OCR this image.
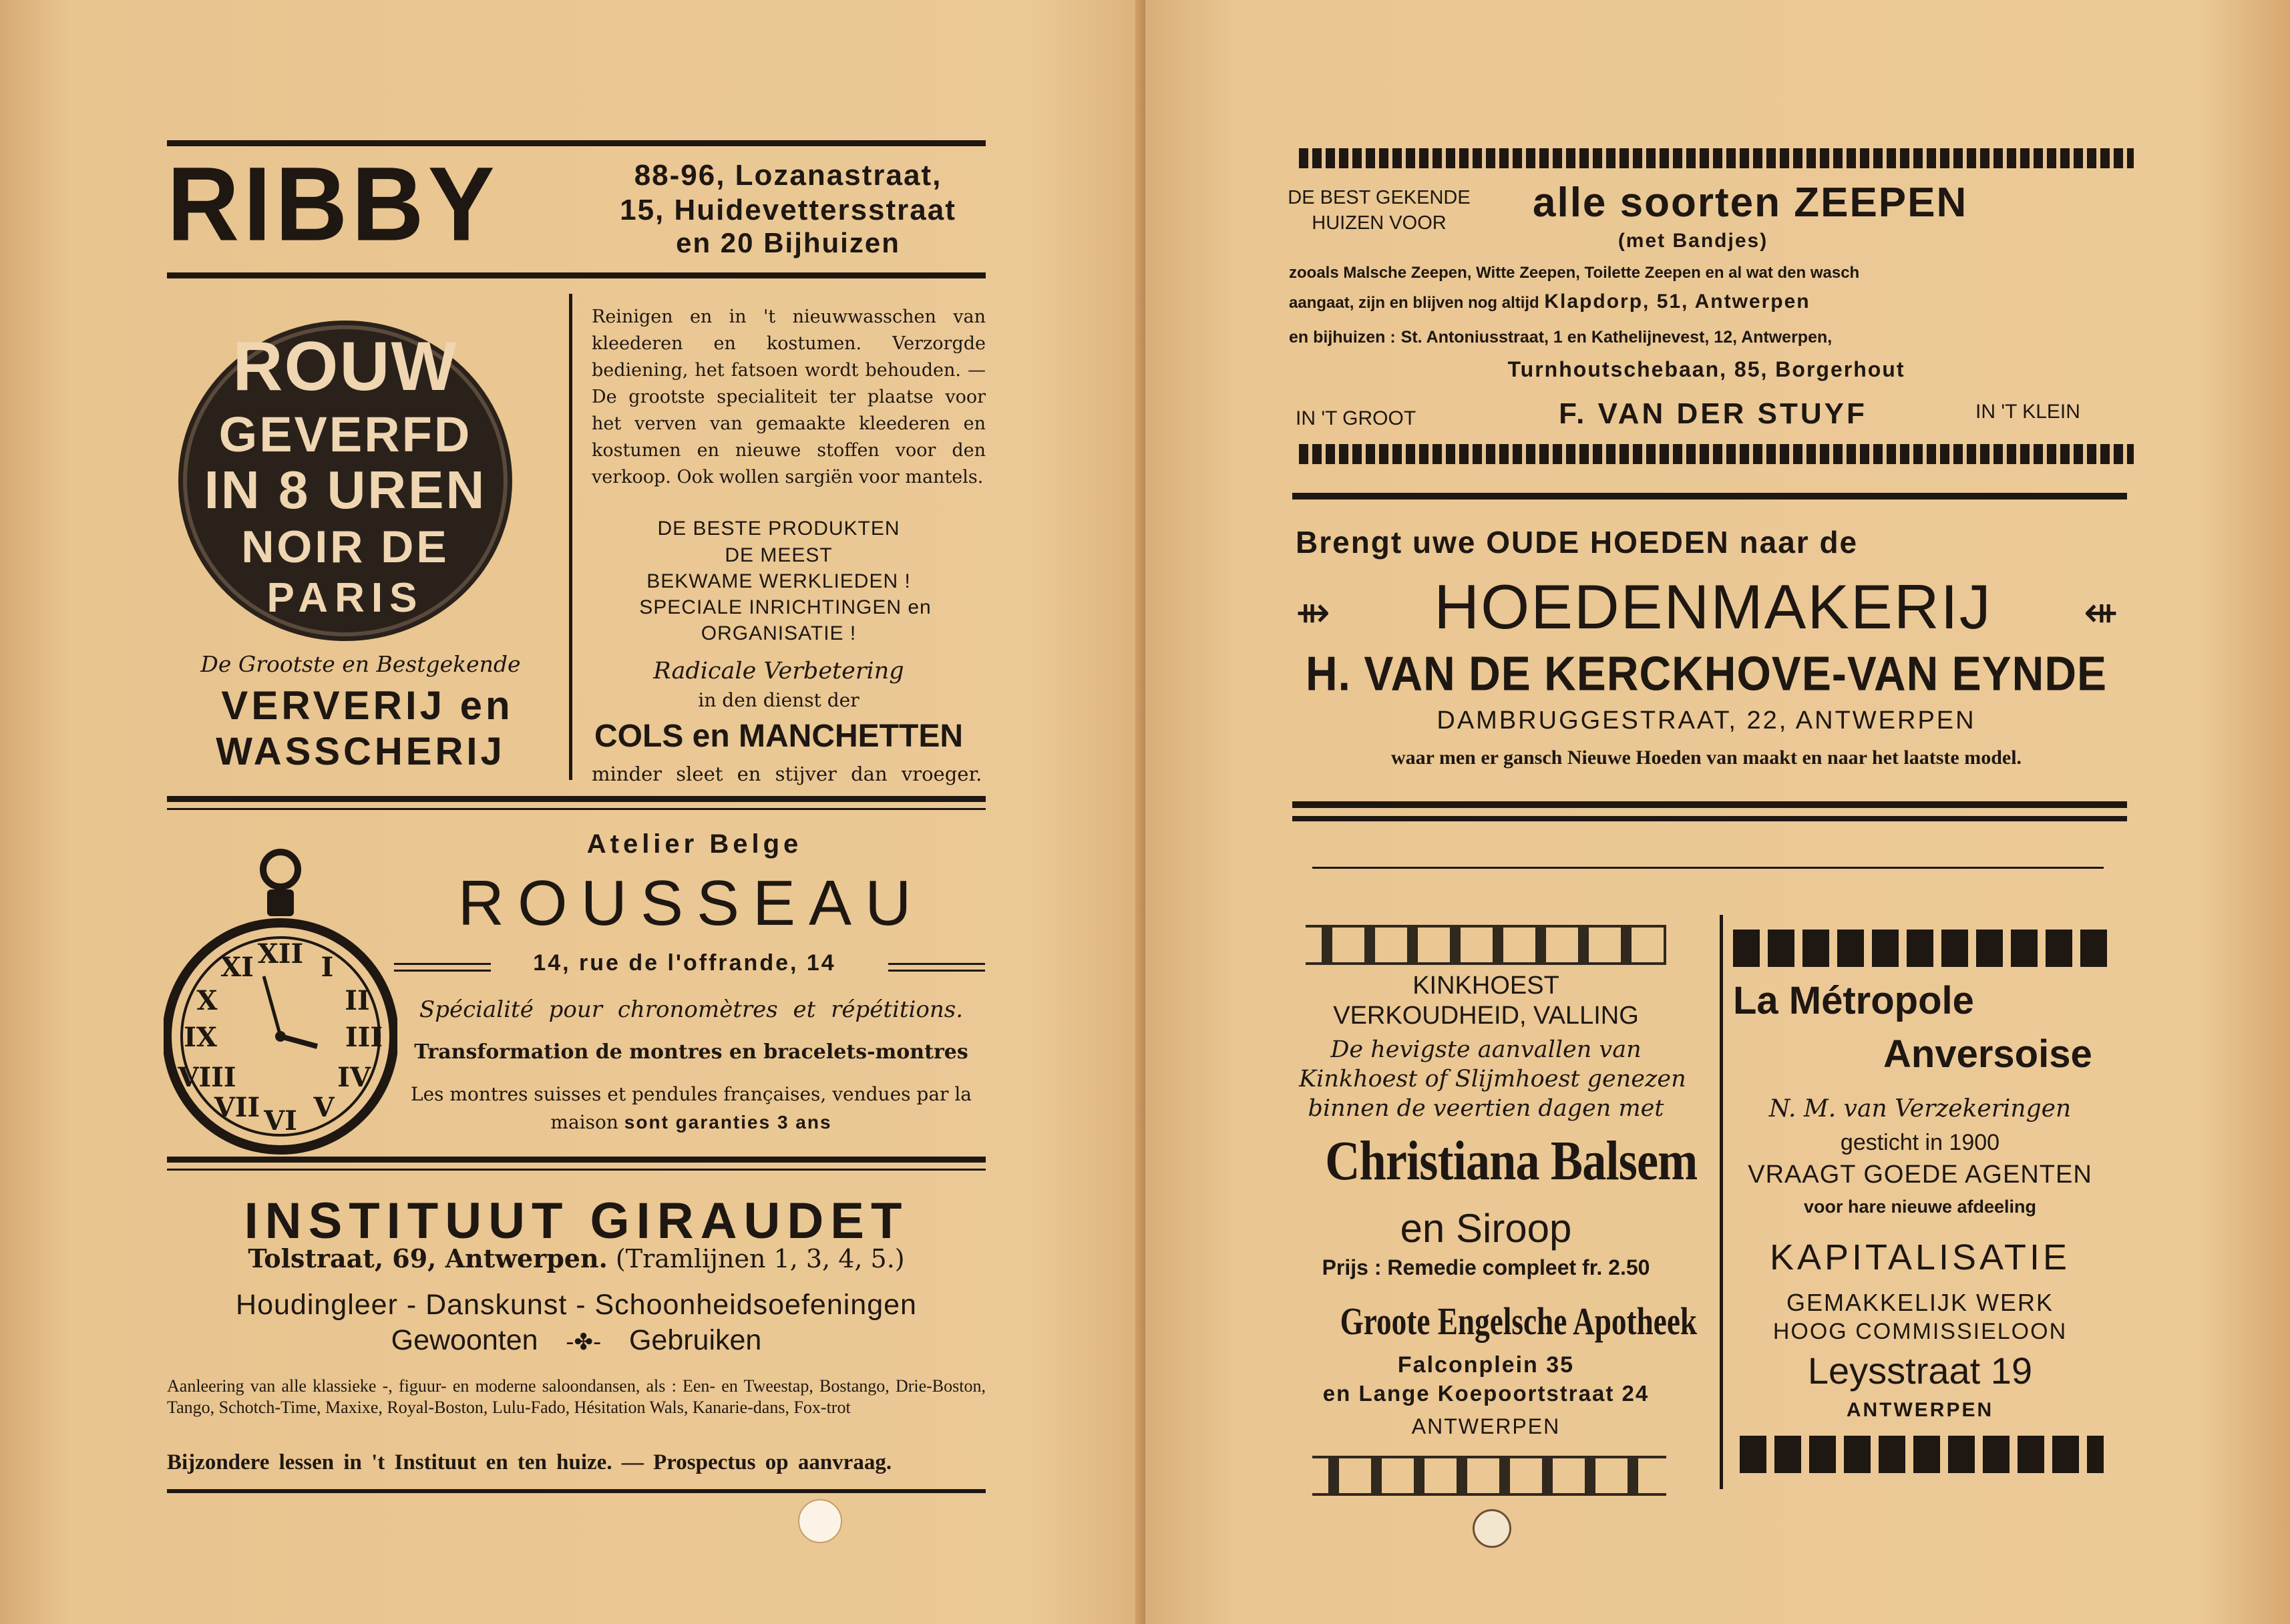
RIBBY	88-96, Lozanastraat,
15, Huidevettersstraat
en 20 Bijhuizen
ROUW
GEVERFD
IN 8 UREN
NOIR DE
PARIS
De Grootste en Bestgekende
VERVERIJ en
WASSCHERIJ
Reinigen en in 't nieuwwasschen van kleederen en kostumen. Verzorgde bediening, het fatsoen wordt behouden. — De grootste specialiteit ter plaatse voor het verven van gemaakte kleederen en kostumen en nieuwe stoffen voor den verkoop. Ook wollen sargiën voor mantels.
DE BESTE PRODUKTEN
DE MEEST
BEKWAME WERKLIEDEN !
SPECIALE INRICHTINGEN en
ORGANISATIE !
Radicale Verbetering
in den dienst der
COLS en MANCHETTEN
minder sleet en stijver dan vroeger.
XII I
II
III
IV
V
VI
VII
VIII
IX
X
XI
Atelier Belge
ROUSSEAU
14, rue de l'offrande, 14
Spécialité pour chronomètres et répétitions.
Transformation de montres en bracelets-montres
Les montres suisses et pendules françaises, vendues par la
maison sont garanties 3 ans
INSTITUUT GIRAUDET
Tolstraat, 69, Antwerpen. (Tramlijnen 1, 3, 4, 5.)
Houdingleer - Danskunst - Schoonheidsoefeningen
Gewoonten -✤- Gebruiken
Aanleering van alle klassieke -, figuur- en moderne saloondansen, als : Een- en Tweestap, Bostango, Drie-Boston, Tango, Schotch-Time, Maxixe, Royal-Boston, Lulu-Fado, Hésitation Wals, Kanarie-dans, Fox-trot
Bijzondere lessen in 't Instituut en ten huize. — Prospectus op aanvraag.
DE BEST GEKENDE
HUIZEN VOOR	alle soorten ZEEPEN
(met Bandjes)
zooals Malsche Zeepen, Witte Zeepen, Toilette Zeepen en al wat den wasch
aangaat, zijn en blijven nog altijd Klapdorp, 51, Antwerpen
en bijhuizen : St. Antoniusstraat, 1 en Kathelijnevest, 12, Antwerpen,
Turnhoutschebaan, 85, Borgerhout
IN 'T GROOT	F. VAN DER STUYF	IN 'T KLEIN
Brengt uwe OUDE HOEDEN naar de
⇻	HOEDENMAKERIJ	⇺
H. VAN DE KERCKHOVE-VAN EYNDE
DAMBRUGGESTRAAT, 22, ANTWERPEN
waar men er gansch Nieuwe Hoeden van maakt en naar het laatste model.
KINKHOEST
VERKOUDHEID, VALLING
De hevigste aanvallen van
Kinkhoest of Slijmhoest genezen
binnen de veertien dagen met
Christiana Balsem
en Siroop
Prijs : Remedie compleet fr. 2.50
Groote Engelsche Apotheek
Falconplein 35
en Lange Koepoortstraat 24
ANTWERPEN
La Métropole
Anversoise
N. M. van Verzekeringen
gesticht in 1900
VRAAGT GOEDE AGENTEN
voor hare nieuwe afdeeling
KAPITALISATIE
GEMAKKELIJK WERK
HOOG COMMISSIELOON
Leysstraat 19
ANTWERPEN
